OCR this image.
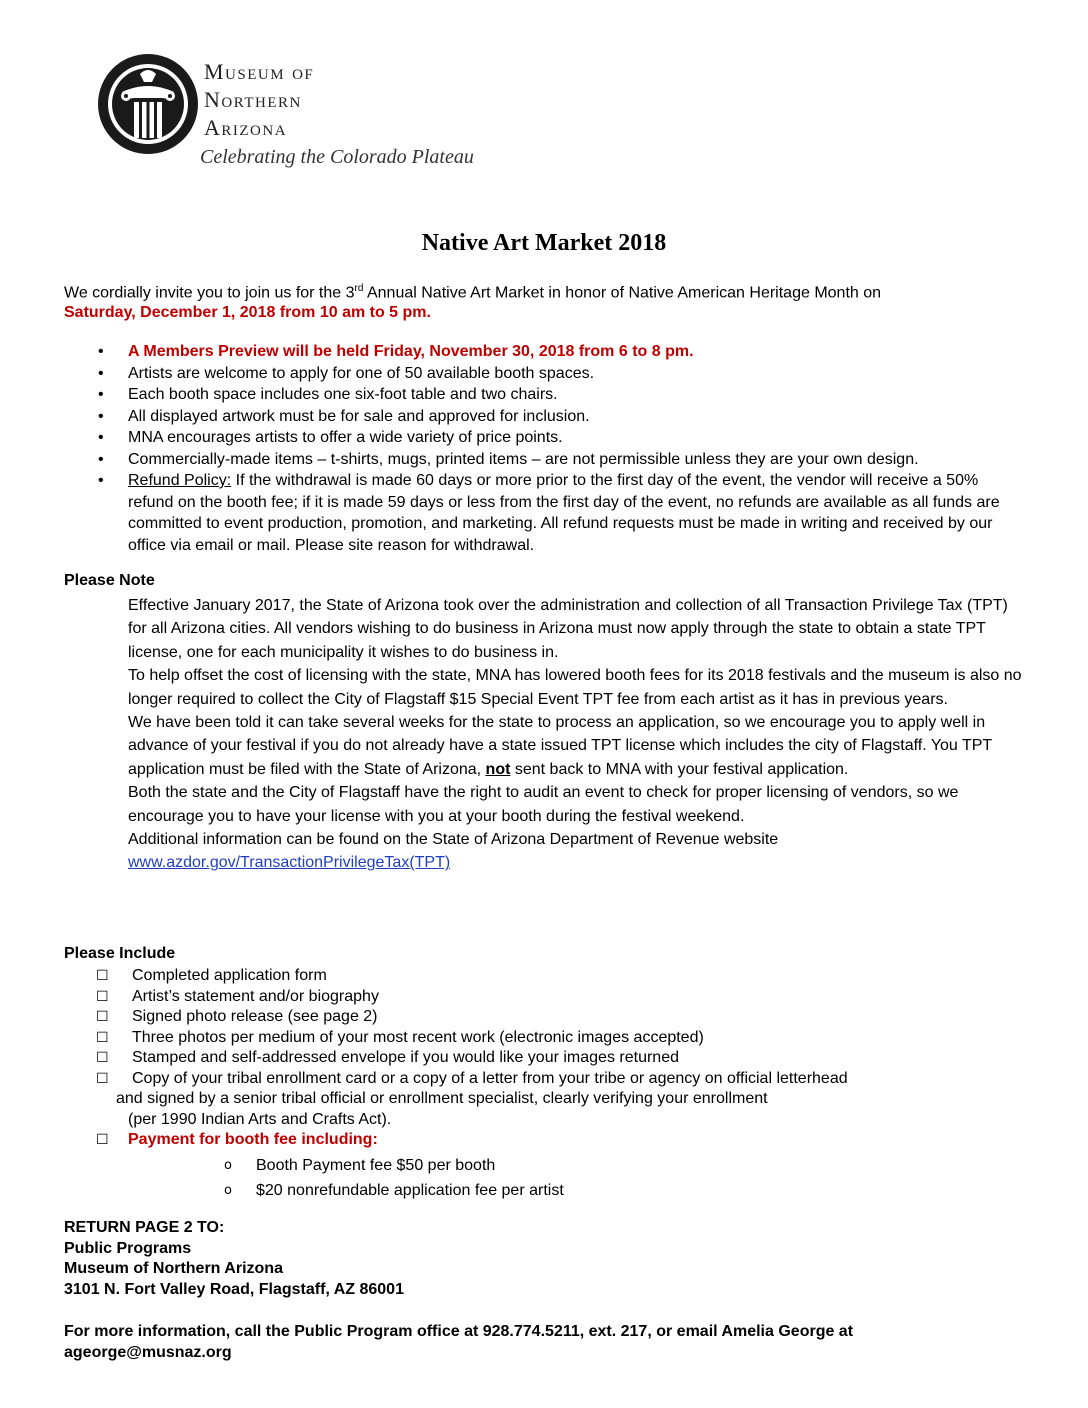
Museum of
Northern
Arizona
Celebrating the Colorado Plateau
Native Art Market 2018
We cordially invite you to join us for the 3rd Annual Native Art Market in honor of Native American Heritage Month on
Saturday, December 1, 2018 from 10 am to 5 pm.
• A Members Preview will be held Friday, November 30, 2018 from 6 to 8 pm.
• Artists are welcome to apply for one of 50 available booth spaces.
• Each booth space includes one six-foot table and two chairs.
• All displayed artwork must be for sale and approved for inclusion.
• MNA encourages artists to offer a wide variety of price points.
• Commercially-made items – t-shirts, mugs, printed items – are not permissible unless they are your own design.
• Refund Policy: If the withdrawal is made 60 days or more prior to the first day of the event, the vendor will receive a 50% refund on the booth fee; if it is made 59 days or less from the first day of the event, no refunds are available as all funds are committed to event production, promotion, and marketing. All refund requests must be made in writing and received by our office via email or mail. Please site reason for withdrawal.
Please Note

Effective January 2017, the State of Arizona took over the administration and collection of all Transaction Privilege Tax (TPT) for all Arizona cities. All vendors wishing to do business in Arizona must now apply through the state to obtain a state TPT license, one for each municipality it wishes to do business in.

To help offset the cost of licensing with the state, MNA has lowered booth fees for its 2018 festivals and the museum is also no longer required to collect the City of Flagstaff $15 Special Event TPT fee from each artist as it has in previous years.

We have been told it can take several weeks for the state to process an application, so we encourage you to apply well in advance of your festival if you do not already have a state issued TPT license which includes the city of Flagstaff. You TPT application must be filed with the State of Arizona, not sent back to MNA with your festival application.

Both the state and the City of Flagstaff have the right to audit an event to check for proper licensing of vendors, so we encourage you to have your license with you at your booth during the festival weekend.

Additional information can be found on the State of Arizona Department of Revenue website

www.azdor.gov/TransactionPrivilegeTax(TPT)

Please Include
☐ Completed application form
☐ Artist’s statement and/or biography
☐ Signed photo release (see page 2)
☐ Three photos per medium of your most recent work (electronic images accepted)
☐ Stamped and self-addressed envelope if you would like your images returned
☐ Copy of your tribal enrollment card or a copy of a letter from your tribe or agency on official letterhead
and signed by a senior tribal official or enrollment specialist, clearly verifying your enrollment
(per 1990 Indian Arts and Crafts Act).
☐ Payment for booth fee including:
o Booth Payment fee $50 per booth
o $20 nonrefundable application fee per artist
RETURN PAGE 2 TO:
Public Programs
Museum of Northern Arizona
3101 N. Fort Valley Road, Flagstaff, AZ 86001
For more information, call the Public Program office at 928.774.5211, ext. 217, or email Amelia George at
ageorge@musnaz.org
